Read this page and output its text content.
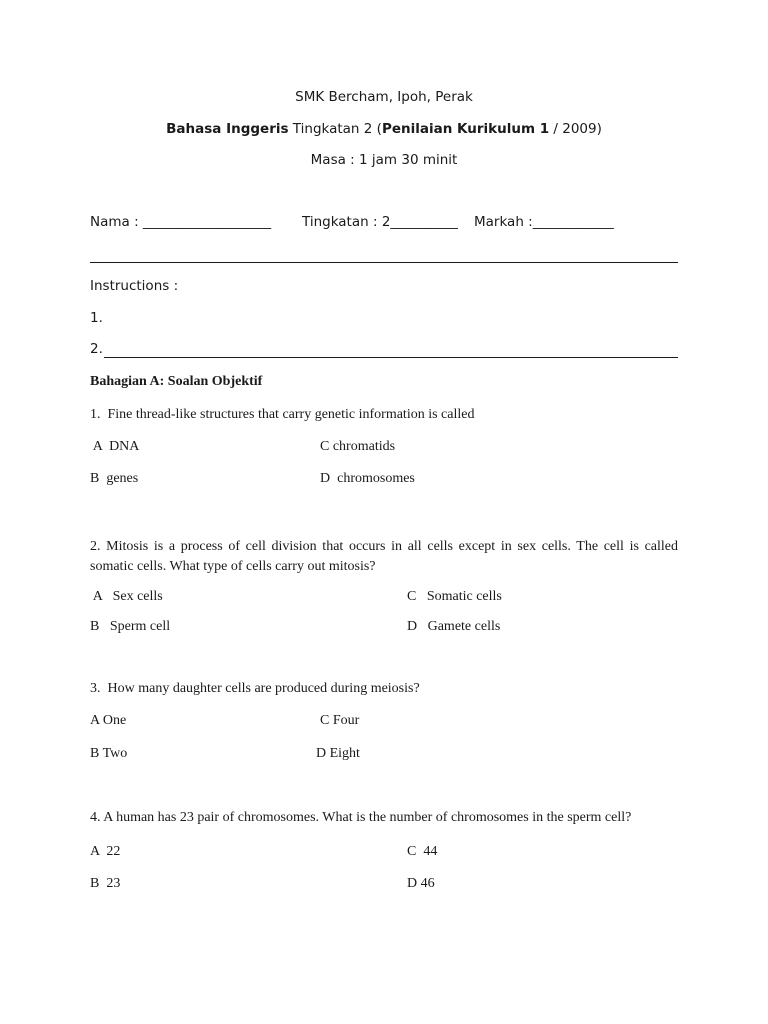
SMK Bercham, Ipoh, Perak
Bahasa Inggeris Tingkatan 2 (Penilaian Kurikulum 1 / 2009)
Masa : 1 jam 30 minit
Nama : ___________________ Tingkatan : 2__________ Markah :____________
Instructions :
1.
2.
Bahagian A: Soalan Objektif
1.  Fine thread-like structures that carry genetic information is called
A  DNA	C chromatids
B  genes	D  chromosomes
2. Mitosis is a process of cell division that occurs in all cells except in sex cells. The cell is called somatic cells. What type of cells carry out mitosis?
A   Sex cells	C   Somatic cells
B   Sperm cell	D   Gamete cells
3.  How many daughter cells are produced during meiosis?
A One	C Four
B Two	D Eight
4. A human has 23 pair of chromosomes. What is the number of chromosomes in the sperm cell?
A  22	C  44
B  23	D 46
